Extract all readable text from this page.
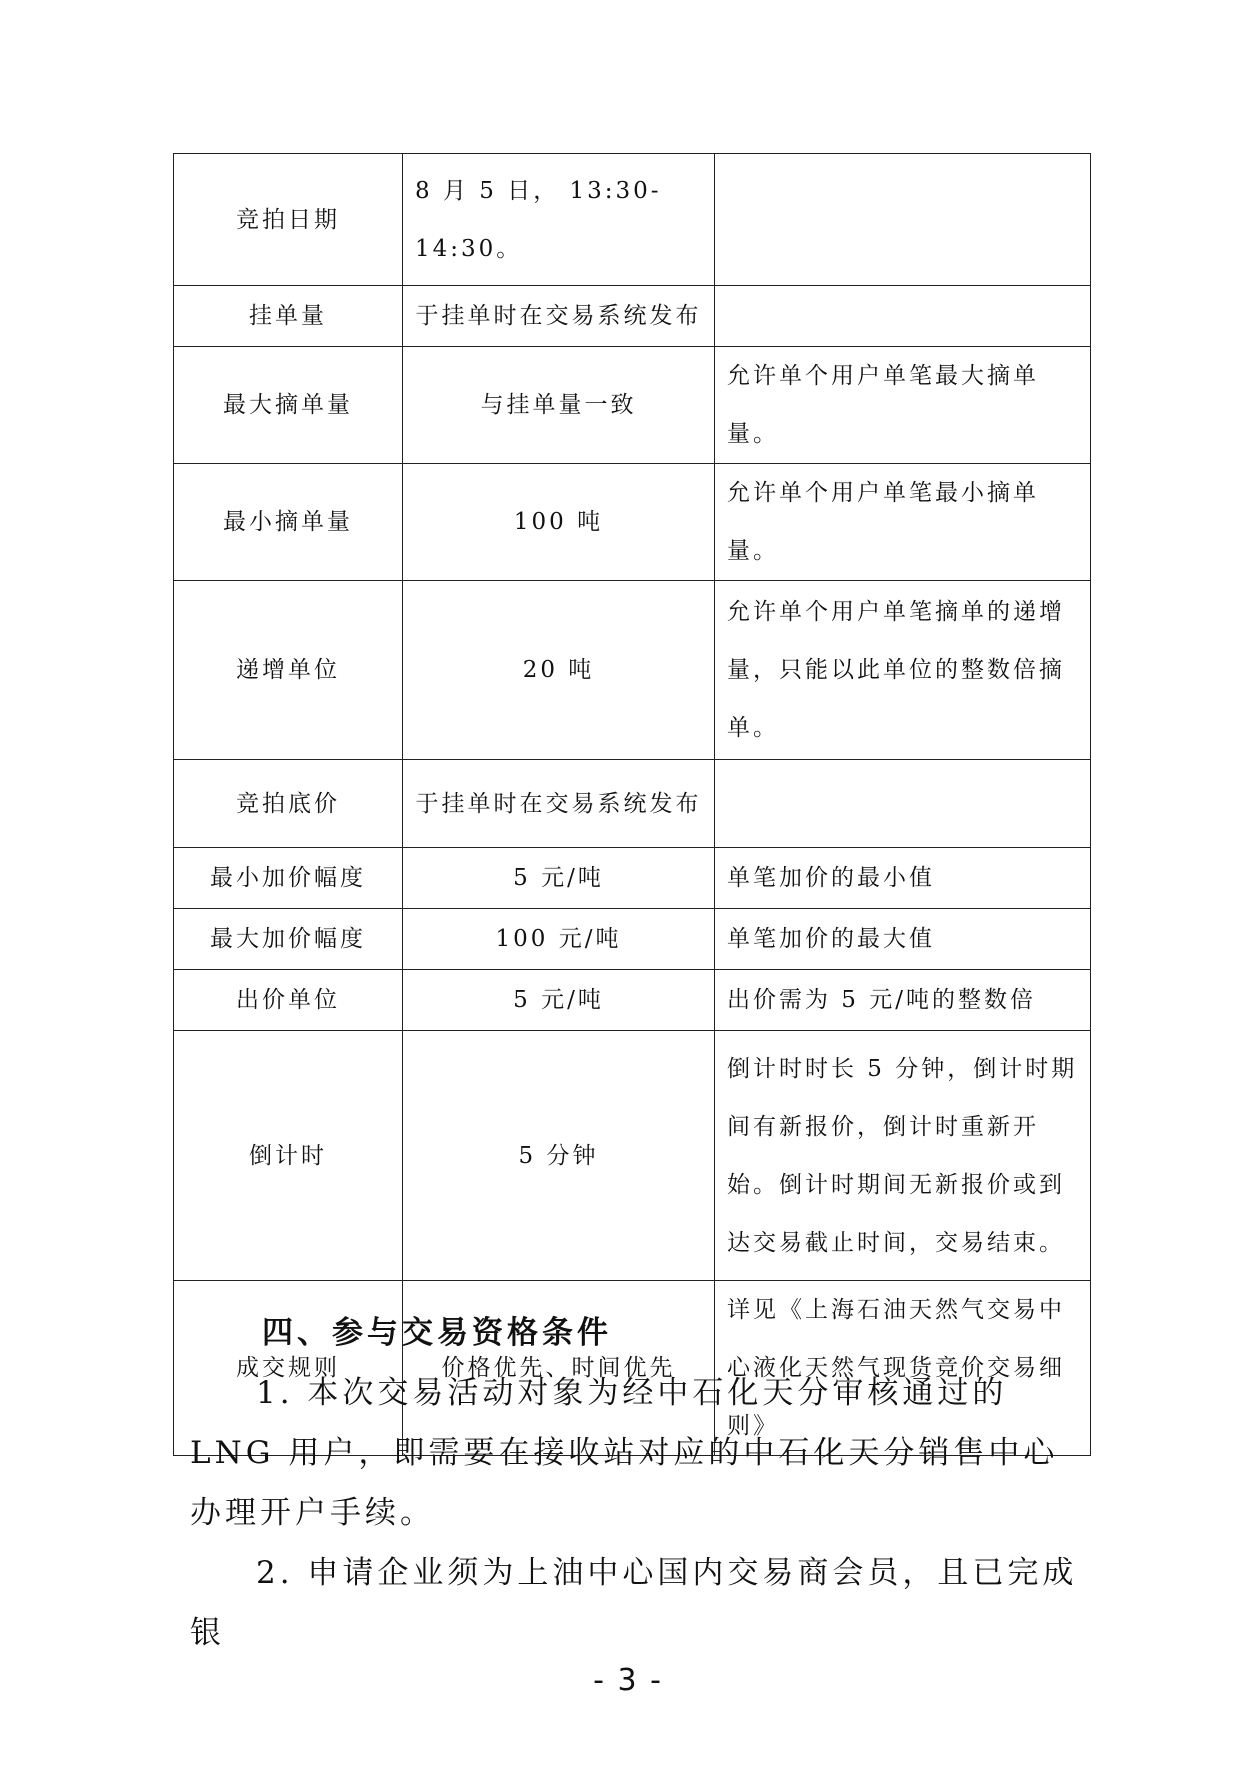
竞拍日期	8 月 5 日， 13:30-14:30。	
挂单量	于挂单时在交易系统发布	
最大摘单量	与挂单量一致	允许单个用户单笔最大摘单量。
最小摘单量	100 吨	允许单个用户单笔最小摘单量。
递增单位	20 吨	允许单个用户单笔摘单的递增量，只能以此单位的整数倍摘单。
竞拍底价	于挂单时在交易系统发布	
最小加价幅度	5 元/吨	单笔加价的最小值
最大加价幅度	100 元/吨	单笔加价的最大值
出价单位	5 元/吨	出价需为 5 元/吨的整数倍
倒计时	5 分钟	倒计时时长 5 分钟，倒计时期间有新报价，倒计时重新开始。倒计时期间无新报价或到达交易截止时间，交易结束。
成交规则	价格优先、时间优先	详见《上海石油天然气交易中心液化天然气现货竞价交易细则》
四、参与交易资格条件
1. 本次交易活动对象为经中石化天分审核通过的 LNG 用户，即需要在接收站对应的中石化天分销售中心办理开户手续。
2. 申请企业须为上油中心国内交易商会员，且已完成银
- 3 -
